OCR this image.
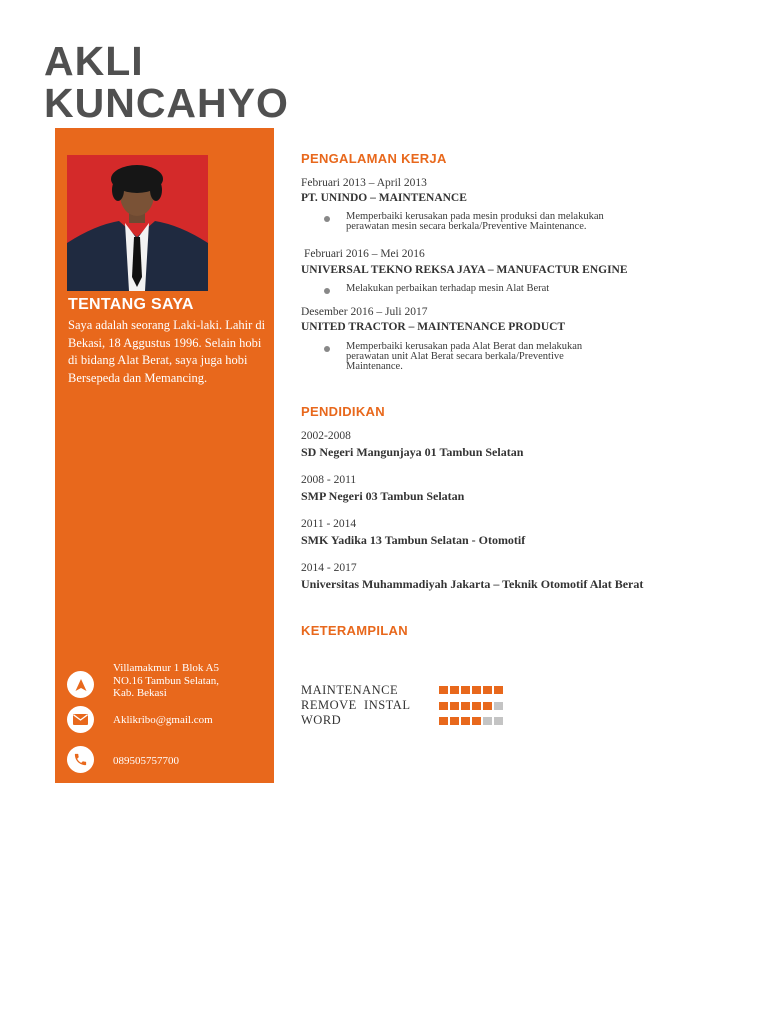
AKLI
KUNCAHYO
TENTANG SAYA

Saya adalah seorang Laki-laki. Lahir di Bekasi, 18 Aggustus 1996. Selain hobi di bidang Alat Berat, saya juga hobi Bersepeda dan Memancing.

Villamakmur 1 Blok A5
NO.16 Tambun Selatan,
Kab. Bekasi
Aklikribo@gmail.com
089505757700
PENGALAMAN KERJA
Februari 2013 – April 2013
PT. UNINDO – MAINTENANCE
Memperbaiki kerusakan pada mesin produksi dan melakukan
perawatan mesin secara berkala/Preventive Maintenance.
Februari 2016 – Mei 2016
UNIVERSAL TEKNO REKSA JAYA – MANUFACTUR ENGINE
Melakukan perbaikan terhadap mesin Alat Berat
Desember 2016 – Juli 2017
UNITED TRACTOR – MAINTENANCE PRODUCT
Memperbaiki kerusakan pada Alat Berat dan melakukan
perawatan unit Alat Berat secara berkala/Preventive
Maintenance.
PENDIDIKAN
2002-2008
SD Negeri Mangunjaya 01 Tambun Selatan
2008 - 2011
SMP Negeri 03 Tambun Selatan
2011 - 2014
SMK Yadika 13 Tambun Selatan - Otomotif
2014 - 2017
Universitas Muhammadiyah Jakarta – Teknik Otomotif Alat Berat
KETERAMPILAN
MAINTENANCE
REMOVE  INSTAL
WORD
